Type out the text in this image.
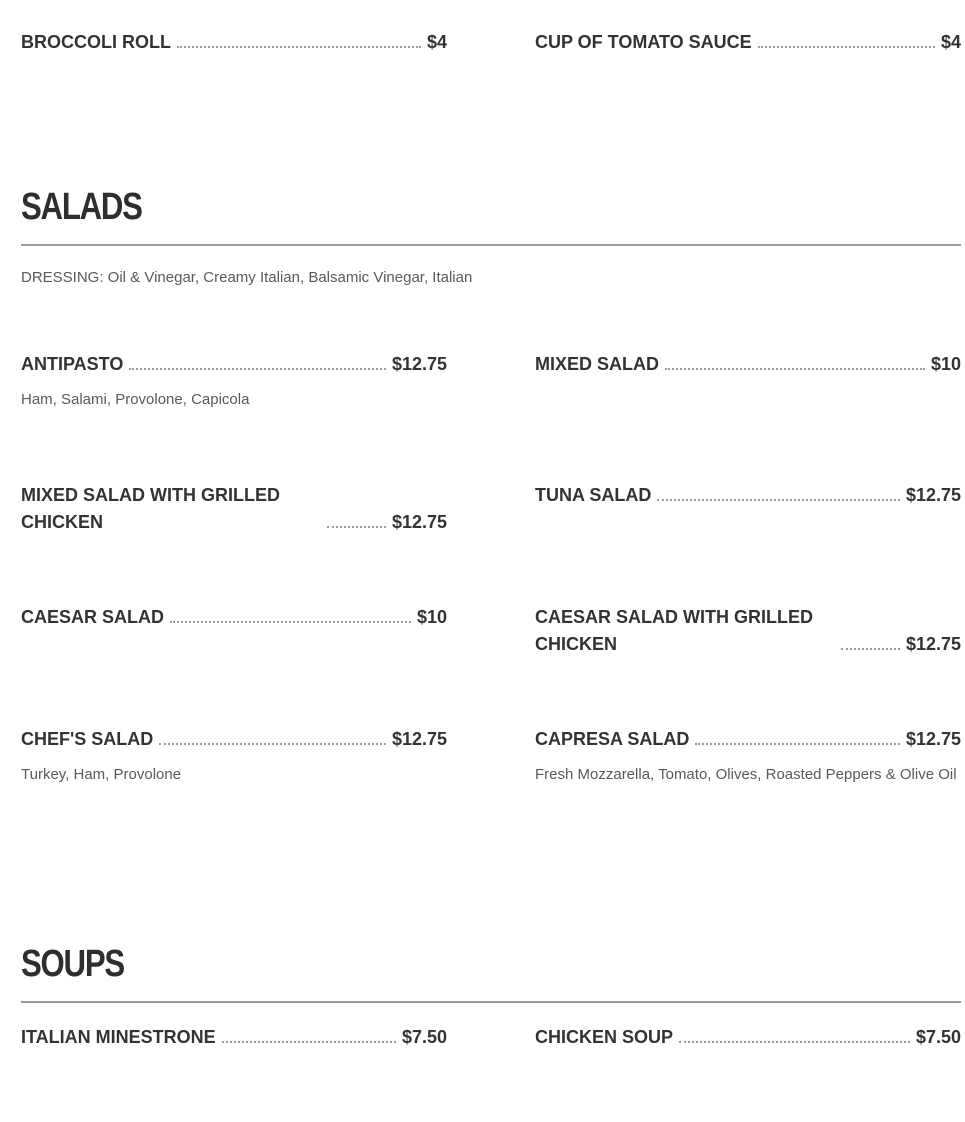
BROCCOLI ROLL	$4	CUP OF TOMATO SAUCE	$4
SALADS
DRESSING: Oil & Vinegar, Creamy Italian, Balsamic Vinegar, Italian
ANTIPASTO	$12.75
Ham, Salami, Provolone, Capicola
MIXED SALAD	$10
MIXED SALAD WITH GRILLED CHICKEN	$12.75
TUNA SALAD	$12.75
CAESAR SALAD	$10	CAESAR SALAD WITH GRILLED CHICKEN	$12.75
CHEF'S SALAD	$12.75
Turkey, Ham, Provolone
CAPRESA SALAD	$12.75
Fresh Mozzarella, Tomato, Olives, Roasted Peppers & Olive Oil
SOUPS
ITALIAN MINESTRONE	$7.50	CHICKEN SOUP	$7.50
